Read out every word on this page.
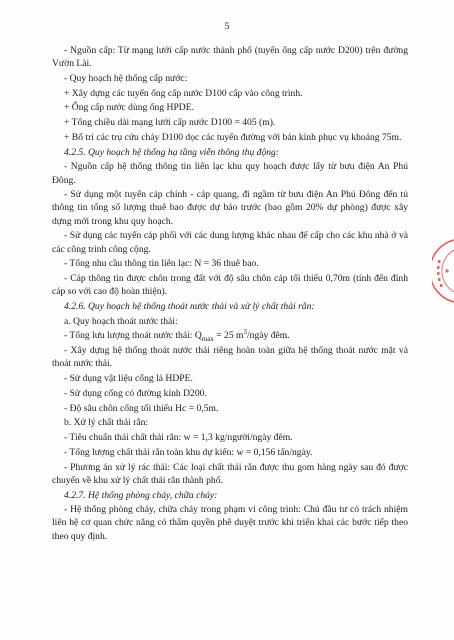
5

- Nguồn cấp: Từ mạng lưới cấp nước thành phố (tuyến ống cấp nước D200) trên đường Vườn Lài.

- Quy hoạch hệ thống cấp nước:

+ Xây dựng các tuyến ống cấp nước D100 cấp vào công trình.

+ Ống cấp nước dùng ống HPDE.

+ Tổng chiều dài mạng lưới cấp nước D100 = 405 (m).

+ Bố trí các trụ cứu cháy D100 dọc các tuyến đường với bán kính phục vụ khoảng 75m.

4.2.5. Quy hoạch hệ thống hạ tầng viễn thông thụ động:

- Nguồn cấp hệ thống thông tin liên lạc khu quy hoạch được lấy từ bưu điện An Phú Đông.

- Sử dụng một tuyến cáp chính - cáp quang, đi ngầm từ bưu điện An Phú Đông đến tủ thông tin tổng số lượng thuê bao được dự báo trước (bao gồm 20% dự phòng) được xây dựng mới trong khu quy hoạch.

- Sử dụng các tuyến cáp phối với các dung lượng khác nhau để cấp cho các khu nhà ở và các công trình công cộng.

- Tổng nhu cầu thông tin liên lạc: N = 36 thuê bao.

- Cáp thông tin được chôn trong đất với độ sâu chôn cáp tối thiểu 0,70m (tính đến đỉnh cáp so với cao độ hoàn thiện).

4.2.6. Quy hoạch hệ thống thoát nước thải và xử lý chất thải rắn:

a. Quy hoạch thoát nước thải:

- Tổng lưu lượng thoát nước thải: $Q_{max} = 25$ $m^3$/ngày đêm.

- Xây dựng hệ thống thoát nước thải riêng hoàn toàn giữa hệ thống thoát nước mặt và thoát nước thải.

- Sử dụng vật liệu cống là HDPE.

- Sử dụng cống có đường kính D200.

- Độ sâu chôn cống tối thiểu Hc = 0,5m.

b. Xử lý chất thải rắn:

- Tiêu chuẩn thải chất thải rắn: w = 1,3 kg/người/ngày đêm.

- Tổng lượng chất thải rắn toàn khu dự kiến: w = 0,156 tấn/ngày.

- Phương án xử lý rác thải: Các loại chất thải rắn được thu gom hàng ngày sau đó được chuyển về khu xử lý chất thải rắn thành phố.

4.2.7. Hệ thống phòng cháy, chữa cháy:

- Hệ thống phòng cháy, chữa cháy trong phạm vi công trình: Chủ đầu tư có trách nhiệm liên hệ cơ quan chức năng có thẩm quyền phê duyệt trước khi triển khai các bước tiếp theo theo quy định.
